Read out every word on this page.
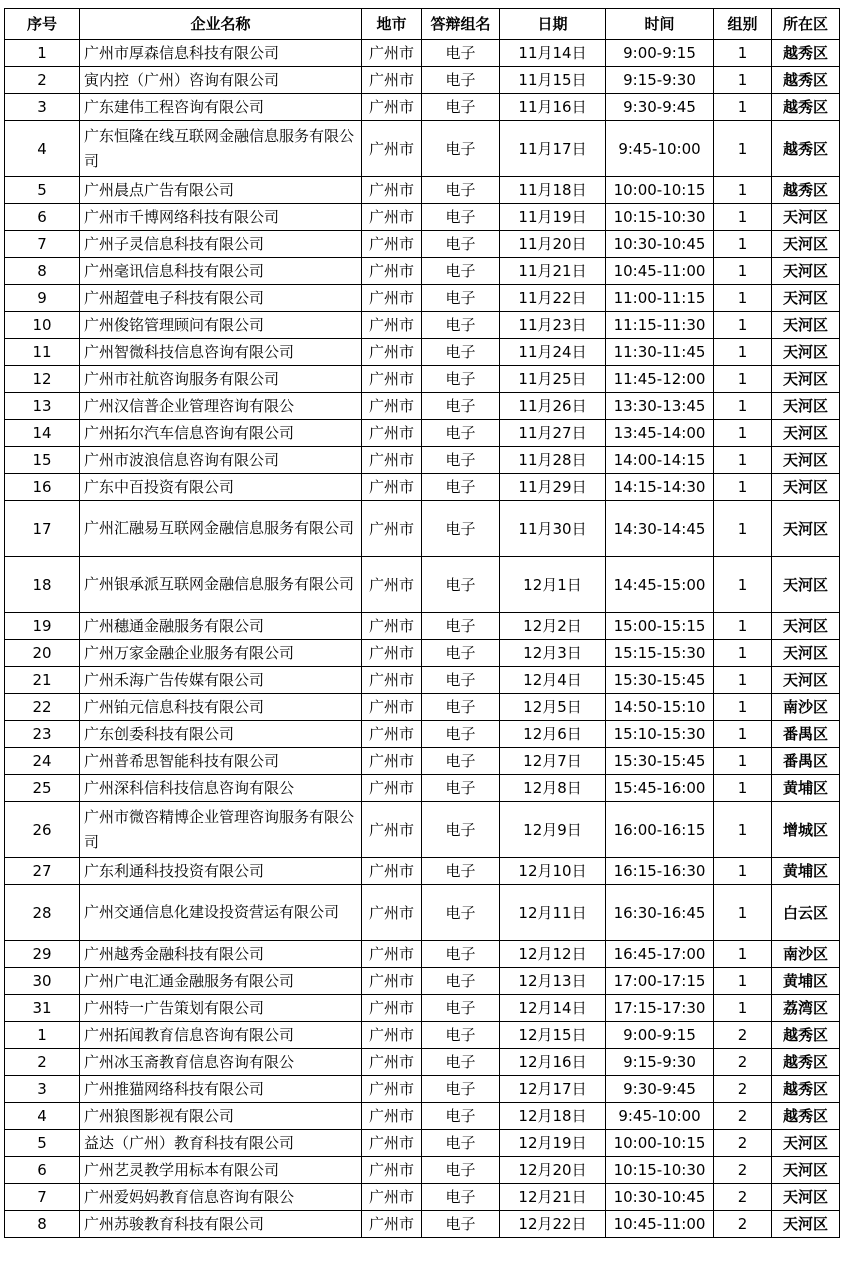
序号	企业名称	地市	答辩组名	日期	时间	组别	所在区
1	广州市厚森信息科技有限公司	广州市	电子	11月14日	9:00-9:15	1	越秀区
2	寅内控（广州）咨询有限公司	广州市	电子	11月15日	9:15-9:30	1	越秀区
3	广东建伟工程咨询有限公司	广州市	电子	11月16日	9:30-9:45	1	越秀区
4	广东恒隆在线互联网金融信息服务有限公司	广州市	电子	11月17日	9:45-10:00	1	越秀区
5	广州晨点广告有限公司	广州市	电子	11月18日	10:00-10:15	1	越秀区
6	广州市千博网络科技有限公司	广州市	电子	11月19日	10:15-10:30	1	天河区
7	广州子灵信息科技有限公司	广州市	电子	11月20日	10:30-10:45	1	天河区
8	广州毫讯信息科技有限公司	广州市	电子	11月21日	10:45-11:00	1	天河区
9	广州超萱电子科技有限公司	广州市	电子	11月22日	11:00-11:15	1	天河区
10	广州俊铭管理顾问有限公司	广州市	电子	11月23日	11:15-11:30	1	天河区
11	广州智微科技信息咨询有限公司	广州市	电子	11月24日	11:30-11:45	1	天河区
12	广州市社航咨询服务有限公司	广州市	电子	11月25日	11:45-12:00	1	天河区
13	广州汉信普企业管理咨询有限公	广州市	电子	11月26日	13:30-13:45	1	天河区
14	广州拓尔汽车信息咨询有限公司	广州市	电子	11月27日	13:45-14:00	1	天河区
15	广州市波浪信息咨询有限公司	广州市	电子	11月28日	14:00-14:15	1	天河区
16	广东中百投资有限公司	广州市	电子	11月29日	14:15-14:30	1	天河区
17	广州汇融易互联网金融信息服务有限公司	广州市	电子	11月30日	14:30-14:45	1	天河区
18	广州银承派互联网金融信息服务有限公司	广州市	电子	12月1日	14:45-15:00	1	天河区
19	广州穗通金融服务有限公司	广州市	电子	12月2日	15:00-15:15	1	天河区
20	广州万家金融企业服务有限公司	广州市	电子	12月3日	15:15-15:30	1	天河区
21	广州禾海广告传媒有限公司	广州市	电子	12月4日	15:30-15:45	1	天河区
22	广州铂元信息科技有限公司	广州市	电子	12月5日	14:50-15:10	1	南沙区
23	广东创委科技有限公司	广州市	电子	12月6日	15:10-15:30	1	番禺区
24	广州普希思智能科技有限公司	广州市	电子	12月7日	15:30-15:45	1	番禺区
25	广州深科信科技信息咨询有限公	广州市	电子	12月8日	15:45-16:00	1	黄埔区
26	广州市微咨精博企业管理咨询服务有限公司	广州市	电子	12月9日	16:00-16:15	1	增城区
27	广东利通科技投资有限公司	广州市	电子	12月10日	16:15-16:30	1	黄埔区
28	广州交通信息化建设投资营运有限公司	广州市	电子	12月11日	16:30-16:45	1	白云区
29	广州越秀金融科技有限公司	广州市	电子	12月12日	16:45-17:00	1	南沙区
30	广州广电汇通金融服务有限公司	广州市	电子	12月13日	17:00-17:15	1	黄埔区
31	广州特一广告策划有限公司	广州市	电子	12月14日	17:15-17:30	1	荔湾区
1	广州拓闻教育信息咨询有限公司	广州市	电子	12月15日	9:00-9:15	2	越秀区
2	广州冰玉斋教育信息咨询有限公	广州市	电子	12月16日	9:15-9:30	2	越秀区
3	广州推猫网络科技有限公司	广州市	电子	12月17日	9:30-9:45	2	越秀区
4	广州狼图影视有限公司	广州市	电子	12月18日	9:45-10:00	2	越秀区
5	益达（广州）教育科技有限公司	广州市	电子	12月19日	10:00-10:15	2	天河区
6	广州艺灵教学用标本有限公司	广州市	电子	12月20日	10:15-10:30	2	天河区
7	广州爱妈妈教育信息咨询有限公	广州市	电子	12月21日	10:30-10:45	2	天河区
8	广州苏骏教育科技有限公司	广州市	电子	12月22日	10:45-11:00	2	天河区
